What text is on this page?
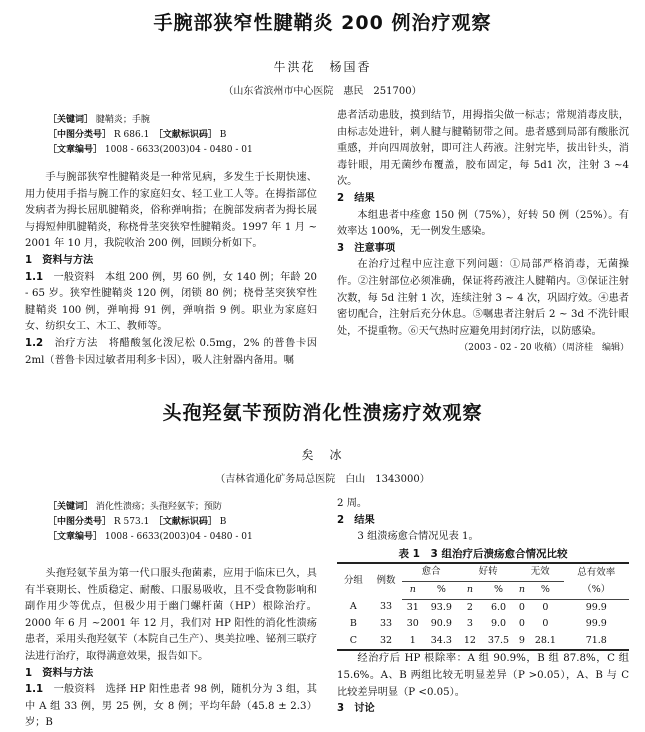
手腕部狭窄性腱鞘炎 200 例治疗观察
牛洪花　杨国香
（山东省滨州市中心医院　惠民　251700）
［关键词］ 腱鞘炎；手腕
［中图分类号］ R 686.1　 ［文献标识码］ B
［文章编号］ 1008 - 6633(2003)04 - 0480 - 01

手与腕部狭窄性腱鞘炎是一种常见病，多发生于长期快速、用力使用手指与腕工作的家庭妇女、轻工业工人等。在拇指部位发病者为拇长屈肌腱鞘炎，俗称弹响指；在腕部发病者为拇长展与拇短伸肌腱鞘炎，称桡骨茎突狭窄性腱鞘炎。1997 年 1 月 ~ 2001 年 10 月，我院收治 200 例，回顾分析如下。

1　资料与方法

1.1　 一般资料　 本组 200 例，男 60 例，女 140 例；年龄 20 - 65 岁。狭窄性腱鞘炎 120 例，闭锁 80 例；桡骨茎突狭窄性腱鞘炎 100 例，弹响拇 91 例，弹响指 9 例。职业为家庭妇女、纺织女工、木工、教师等。

1.2　 治疗方法　 将醋酸氢化泼尼松 0.5mg，2% 的普鲁卡因 2ml（普鲁卡因过敏者用利多卡因），吸人注射器内备用。嘱

患者活动患肢，摸到结节，用拇指尖做一标志；常规消毒皮肤，由标志处进针，刺人腱与腱鞘韧带之间。患者感到局部有酸胀沉重感，并向四周放射，即可注人药液。注射完毕，拔出针头，消毒针眼，用无菌纱布覆盖，胶布固定，每 5d1 次，注射 3 ~4 次。

2　结果

本组患者中痊愈 150 例（75%），好转 50 例（25%）。有效率达 100%，无一例发生感染。

3　注意事项

在治疗过程中应注意下列问题：①局部严格消毒，无菌操作。②注射部位必须准确，保证将药液注人腱鞘内。③保证注射次数，每 5d 注射 1 次，连续注射 3 ~ 4 次，巩固疗效。④患者密切配合，注射后充分休息。⑤嘱患者注射后 2 ~ 3d 不洗针眼处，不提重物。⑥天气热时应避免用封闭疗法，以防感染。

（2003 - 02 - 20 收稿）（周济桂　编辑）

头孢羟氨苄预防消化性溃疡疗效观察
矣　冰
（吉林省通化矿务局总医院　白山　1343000）
［关键词］ 消化性溃疡；头孢羟氨苄；预防
［中图分类号］ R 573.1　 ［文献标识码］ B
［文章编号］ 1008 - 6633(2003)04 - 0480 - 01

头孢羟氨苄虽为第一代口服头孢菌素，应用于临床已久，具有半衰期长、性质稳定、耐酸、口服易吸收，且不受食物影响和副作用少等优点，但极少用于幽门螺杆菌（HP）根除治疗。2000 年 6 月 ~2001 年 12 月，我们对 HP 阳性的消化性溃疡患者，采用头孢羟氨苄（本院自己生产）、奥美拉唑、铋剂三联疗法进行治疗，取得满意效果，报告如下。

1　资料与方法

1.1　 一般资料　 选择 HP 阳性患者 98 例，随机分为 3 组，其中 A 组 33 例，男 25 例，女 8 例；平均年龄（45.8 ± 2.3）岁；B

2 周。

2　结果

3 组溃疡愈合情况见表 1。

表 1　3 组治疗后溃疡愈合情况比较
分组	例数	愈合		好转		无效		总有效率
		n	%	n	%	n	%	（%）
A	33	31	93.9	2	6.0	0	0	99.9
B	33	30	90.9	3	9.0	0	0	99.9
C	32	1	34.3	12	37.5	9	28.1	71.8

经治疗后 HP 根除率：A 组 90.9%，B 组 87.8%，C 组 15.6%。A、B 两组比较无明显差异（P >0.05），A、B 与 C 比较差异明显（P <0.05）。

3　讨论
